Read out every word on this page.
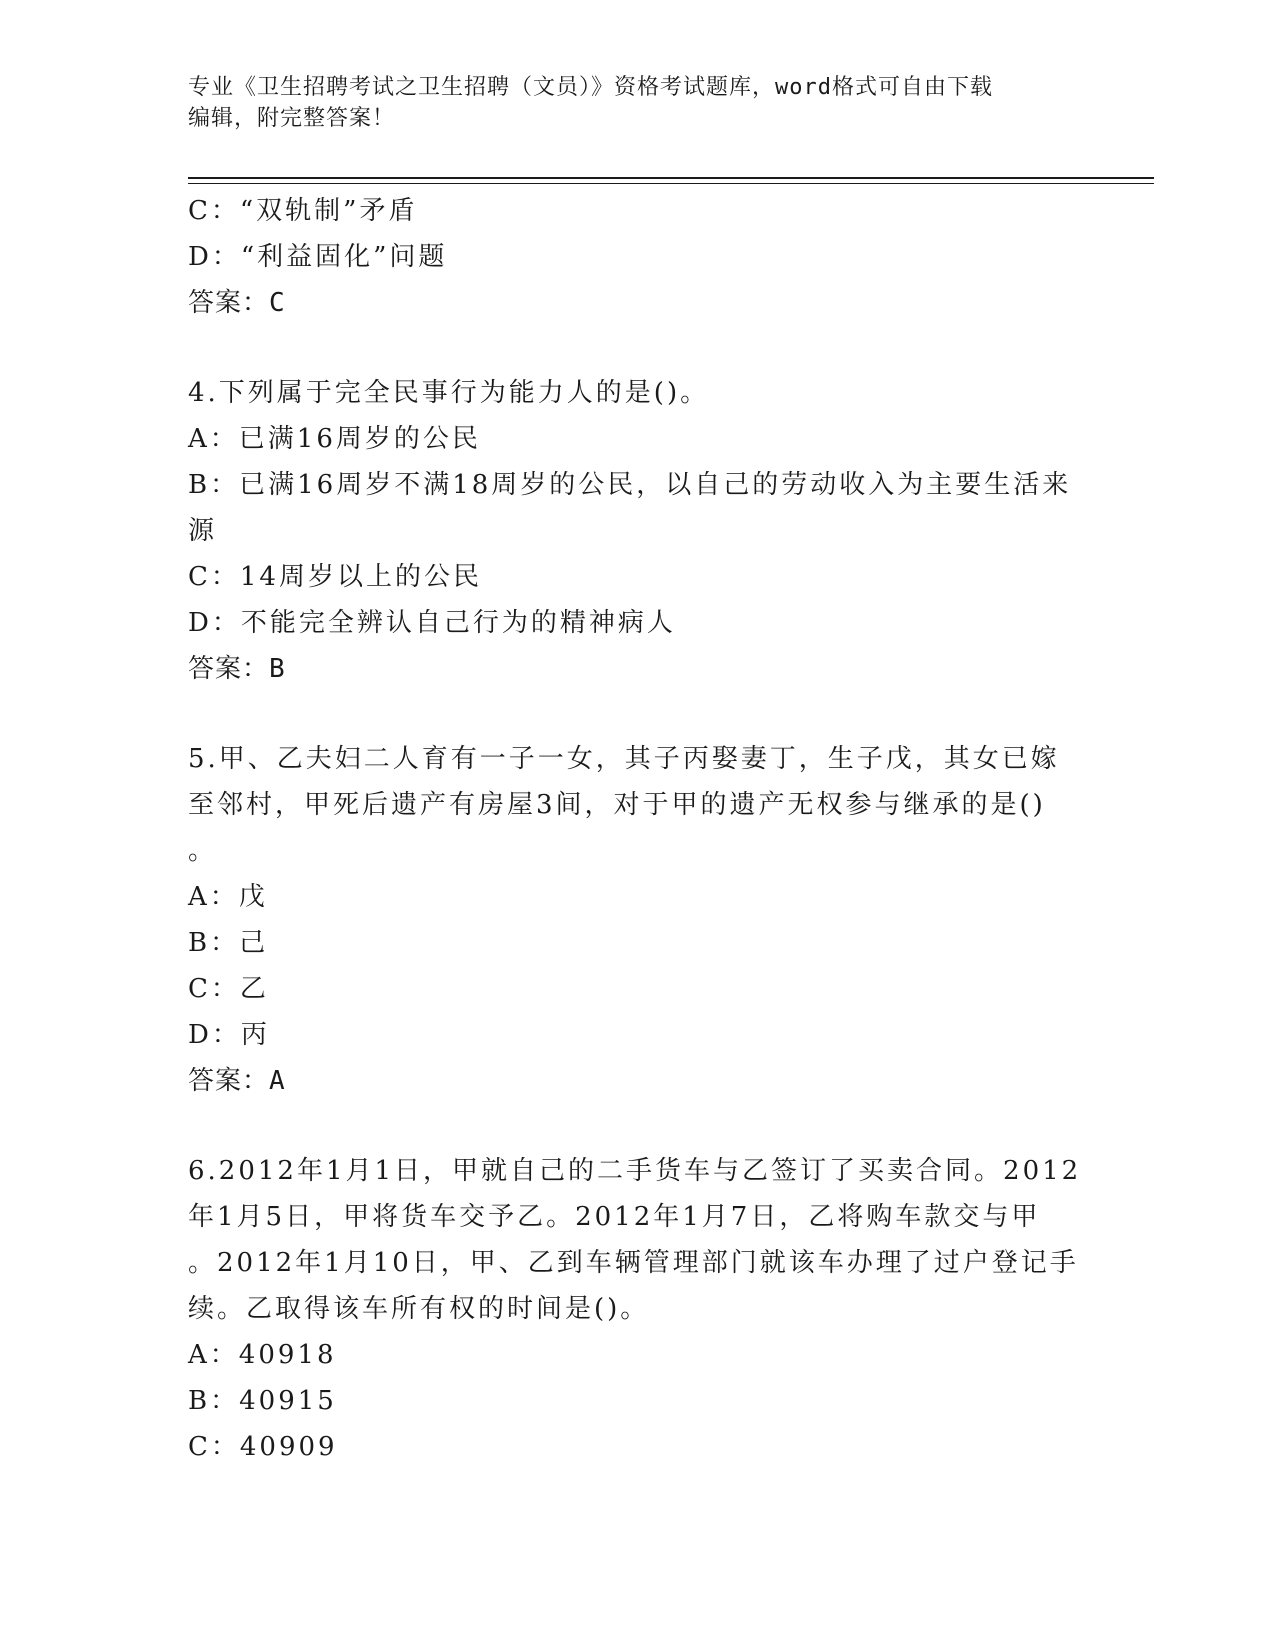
专业《卫生招聘考试之卫生招聘（文员）》资格考试题库，word格式可自由下载
编辑，附完整答案！
C：“双轨制”矛盾
D：“利益固化”问题
答案：C
4.下列属于完全民事行为能力人的是()。
A：已满16周岁的公民
B：已满16周岁不满18周岁的公民，以自己的劳动收入为主要生活来
源
C：14周岁以上的公民
D：不能完全辨认自己行为的精神病人
答案：B
5.甲、乙夫妇二人育有一子一女，其子丙娶妻丁，生子戊，其女已嫁
至邻村，甲死后遗产有房屋3间，对于甲的遗产无权参与继承的是()
。
A：戊
B：己
C：乙
D：丙
答案：A
6.2012年1月1日，甲就自己的二手货车与乙签订了买卖合同。2012
年1月5日，甲将货车交予乙。2012年1月7日，乙将购车款交与甲
。2012年1月10日，甲、乙到车辆管理部门就该车办理了过户登记手
续。乙取得该车所有权的时间是()。
A：40918
B：40915
C：40909
